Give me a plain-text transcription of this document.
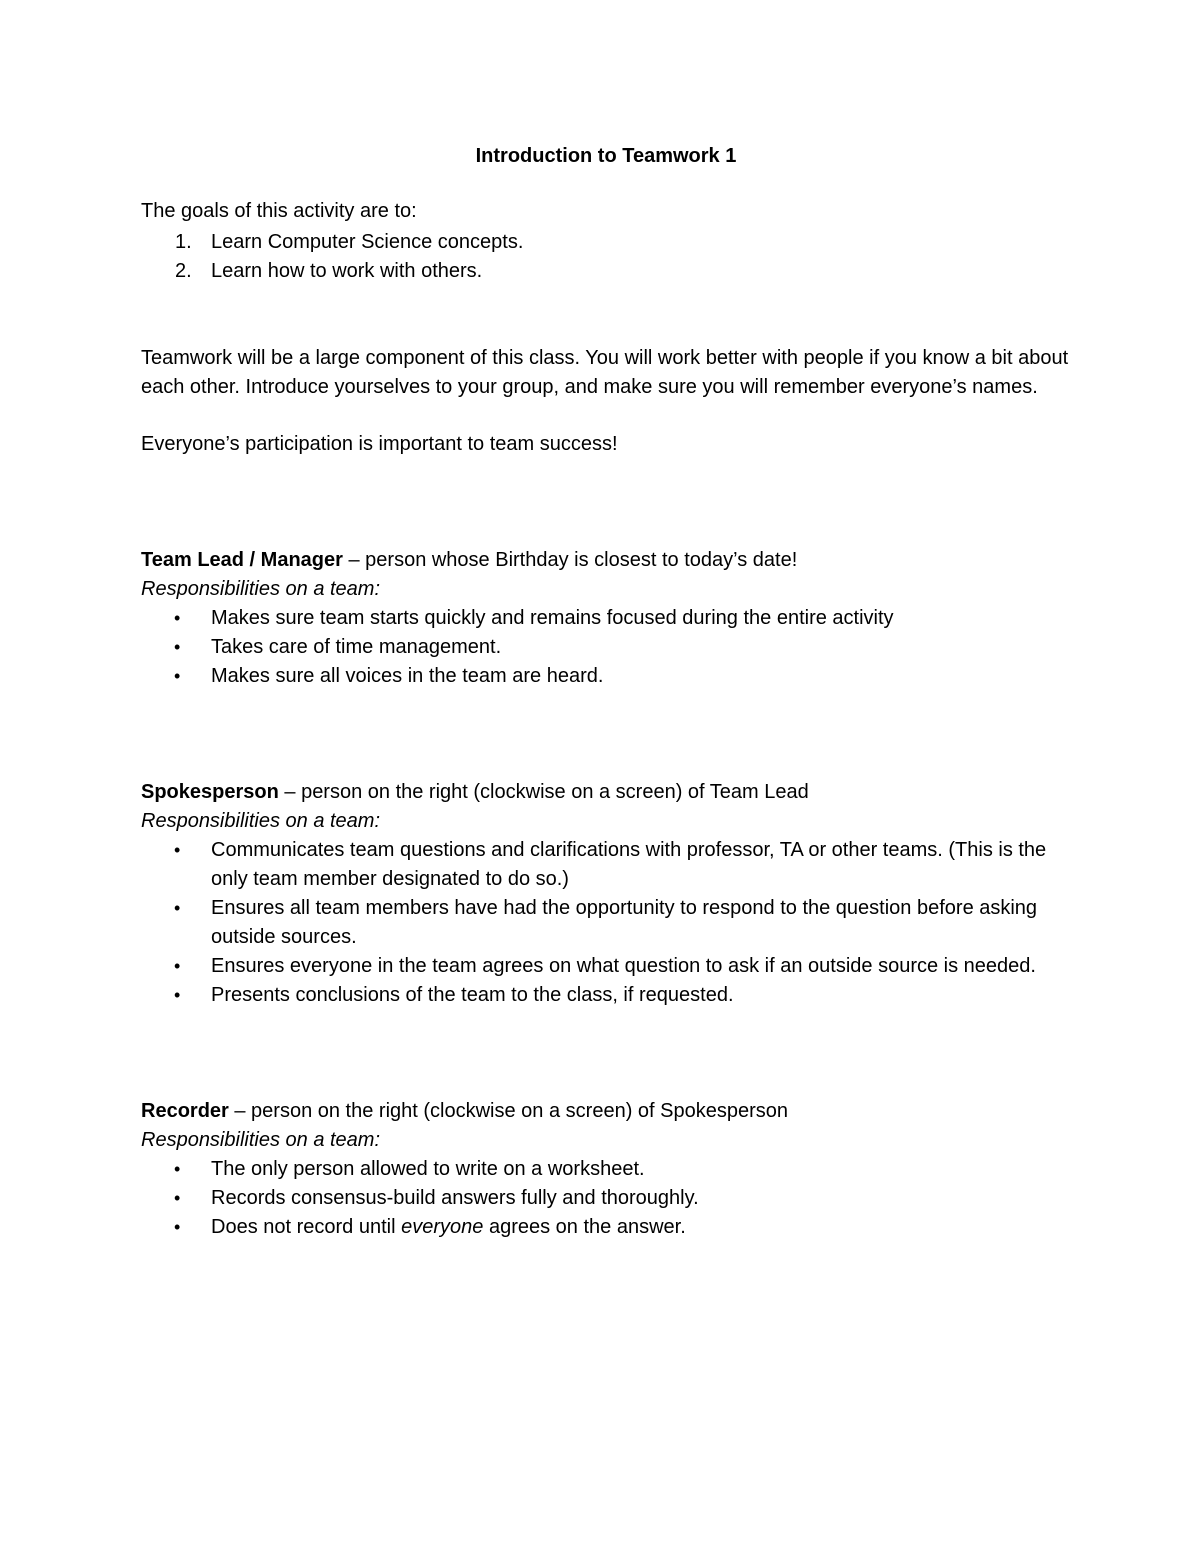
Introduction to Teamwork 1

The goals of this activity are to:

1. Learn Computer Science concepts.
2. Learn how to work with others.

Teamwork will be a large component of this class. You will work better with people if you know a bit about each other. Introduce yourselves to your group, and make sure you will remember everyone’s names.

Everyone’s participation is important to team success!

Team Lead / Manager – person whose Birthday is closest to today’s date!

Responsibilities on a team:

• Makes sure team starts quickly and remains focused during the entire activity
• Takes care of time management.
• Makes sure all voices in the team are heard.

Spokesperson – person on the right (clockwise on a screen) of Team Lead

Responsibilities on a team:

• Communicates team questions and clarifications with professor, TA or other teams. (This is the only team member designated to do so.)
• Ensures all team members have had the opportunity to respond to the question before asking outside sources.
• Ensures everyone in the team agrees on what question to ask if an outside source is needed.
• Presents conclusions of the team to the class, if requested.

Recorder – person on the right (clockwise on a screen) of Spokesperson

Responsibilities on a team:

• The only person allowed to write on a worksheet.
• Records consensus-build answers fully and thoroughly.
• Does not record until everyone agrees on the answer.
